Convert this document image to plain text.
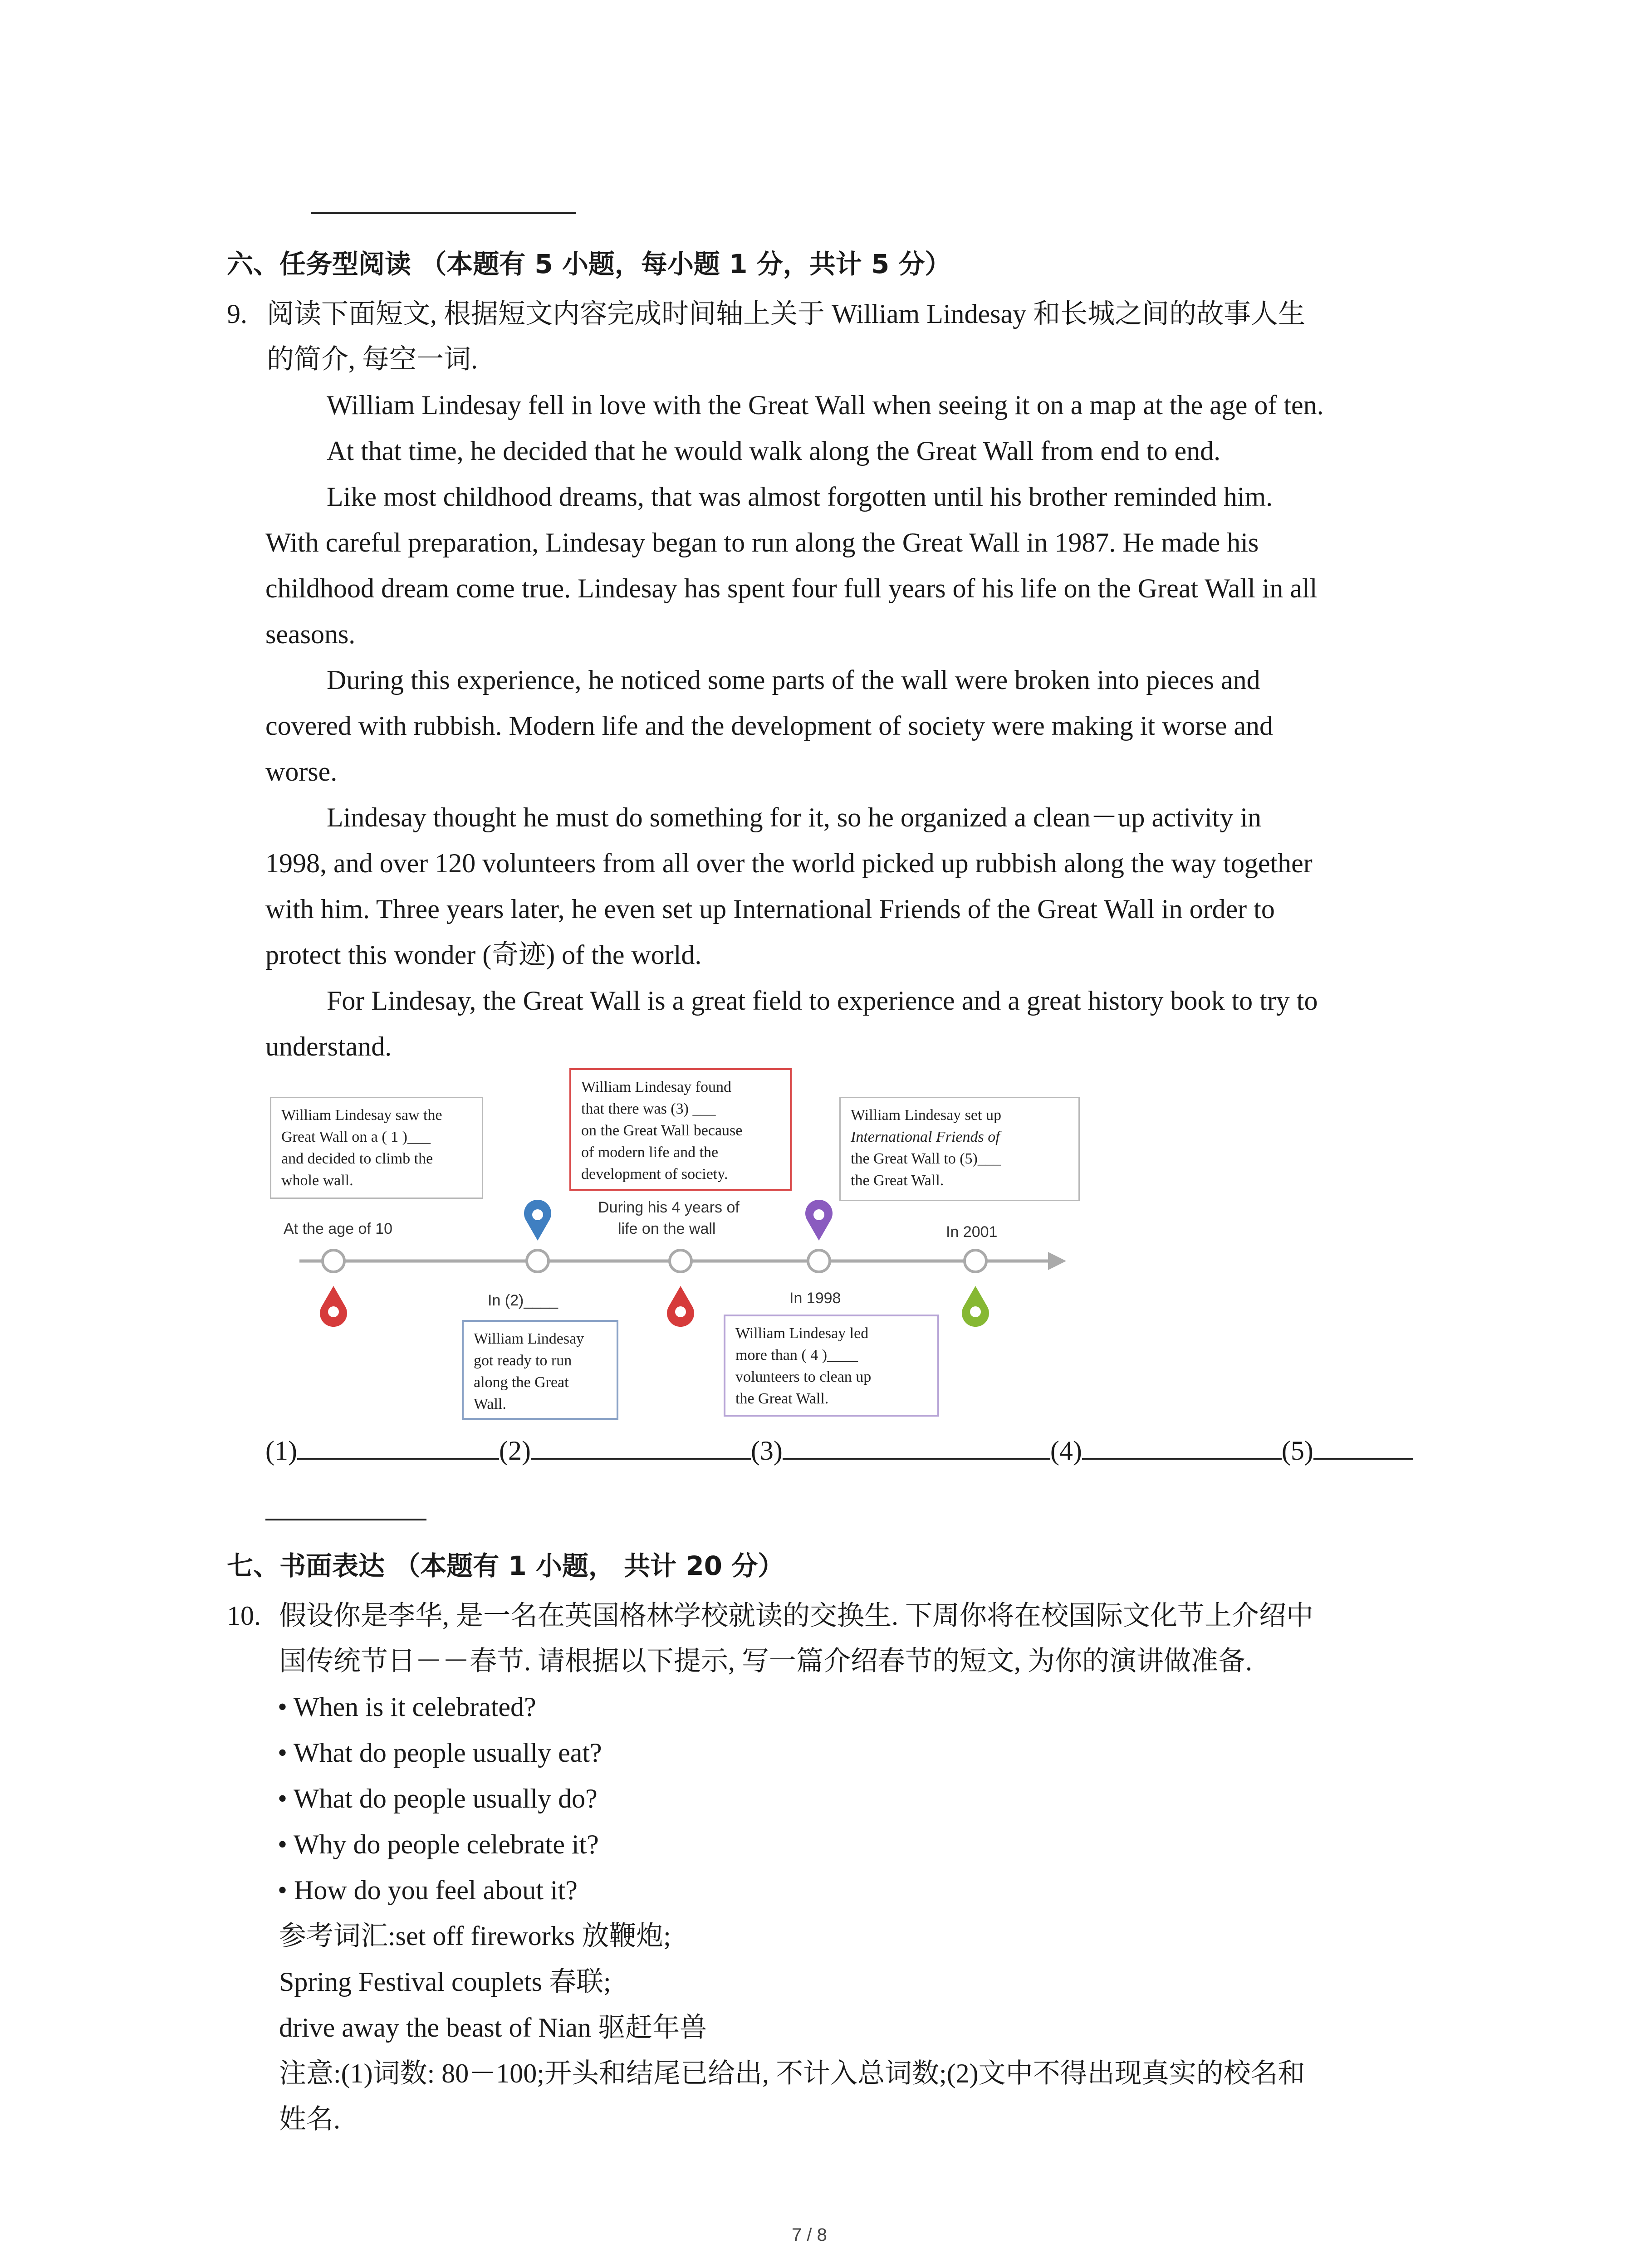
六、任务型阅读 （本题有 5 小题，每小题 1 分，共计 5 分）
9. 阅读下面短文, 根据短文内容完成时间轴上关于 William Lindesay 和长城之间的故事人生
的简介, 每空一词.
William Lindesay fell in love with the Great Wall when seeing it on a map at the age of ten.
At that time, he decided that he would walk along the Great Wall from end to end.
Like most childhood dreams, that was almost forgotten until his brother reminded him.
With careful preparation, Lindesay began to run along the Great Wall in 1987. He made his
childhood dream come true. Lindesay has spent four full years of his life on the Great Wall in all
seasons.
During this experience, he noticed some parts of the wall were broken into pieces and
covered with rubbish. Modern life and the development of society were making it worse and
worse.
Lindesay thought he must do something for it, so he organized a clean－up activity in
1998, and over 120 volunteers from all over the world picked up rubbish along the way together
with him. Three years later, he even set up International Friends of the Great Wall in order to
protect this wonder (奇迹) of the world.
For Lindesay, the Great Wall is a great field to experience and a great history book to try to
understand.
William Lindesay saw the
Great Wall on a ( 1 )___
and decided to climb the
whole wall.
William Lindesay found
that there was (3) ___
on the Great Wall because
of modern life and the
development of society.
William Lindesay set up
International Friends of
the Great Wall to (5)___
the Great Wall.
William Lindesay
got ready to run
along the Great
Wall.
William Lindesay led
more than ( 4 )____
volunteers to clean up
the Great Wall.
At the age of 10
During his 4 years of
life on the wall	In 2001
In (2)____	In 1998
(1)	(2)	(3)	(4)	(5)
七、书面表达 （本题有 1 小题， 共计 20 分）
10. 假设你是李华, 是一名在英国格林学校就读的交换生. 下周你将在校国际文化节上介绍中
国传统节日－－春节. 请根据以下提示, 写一篇介绍春节的短文, 为你的演讲做准备.
• When is it celebrated?
• What do people usually eat?
• What do people usually do?
• Why do people celebrate it?
• How do you feel about it?
参考词汇:set off fireworks 放鞭炮;
Spring Festival couplets 春联;
drive away the beast of Nian 驱赶年兽
注意:(1)词数: 80－100;开头和结尾已给出, 不计入总词数;(2)文中不得出现真实的校名和
姓名.
7 / 8
